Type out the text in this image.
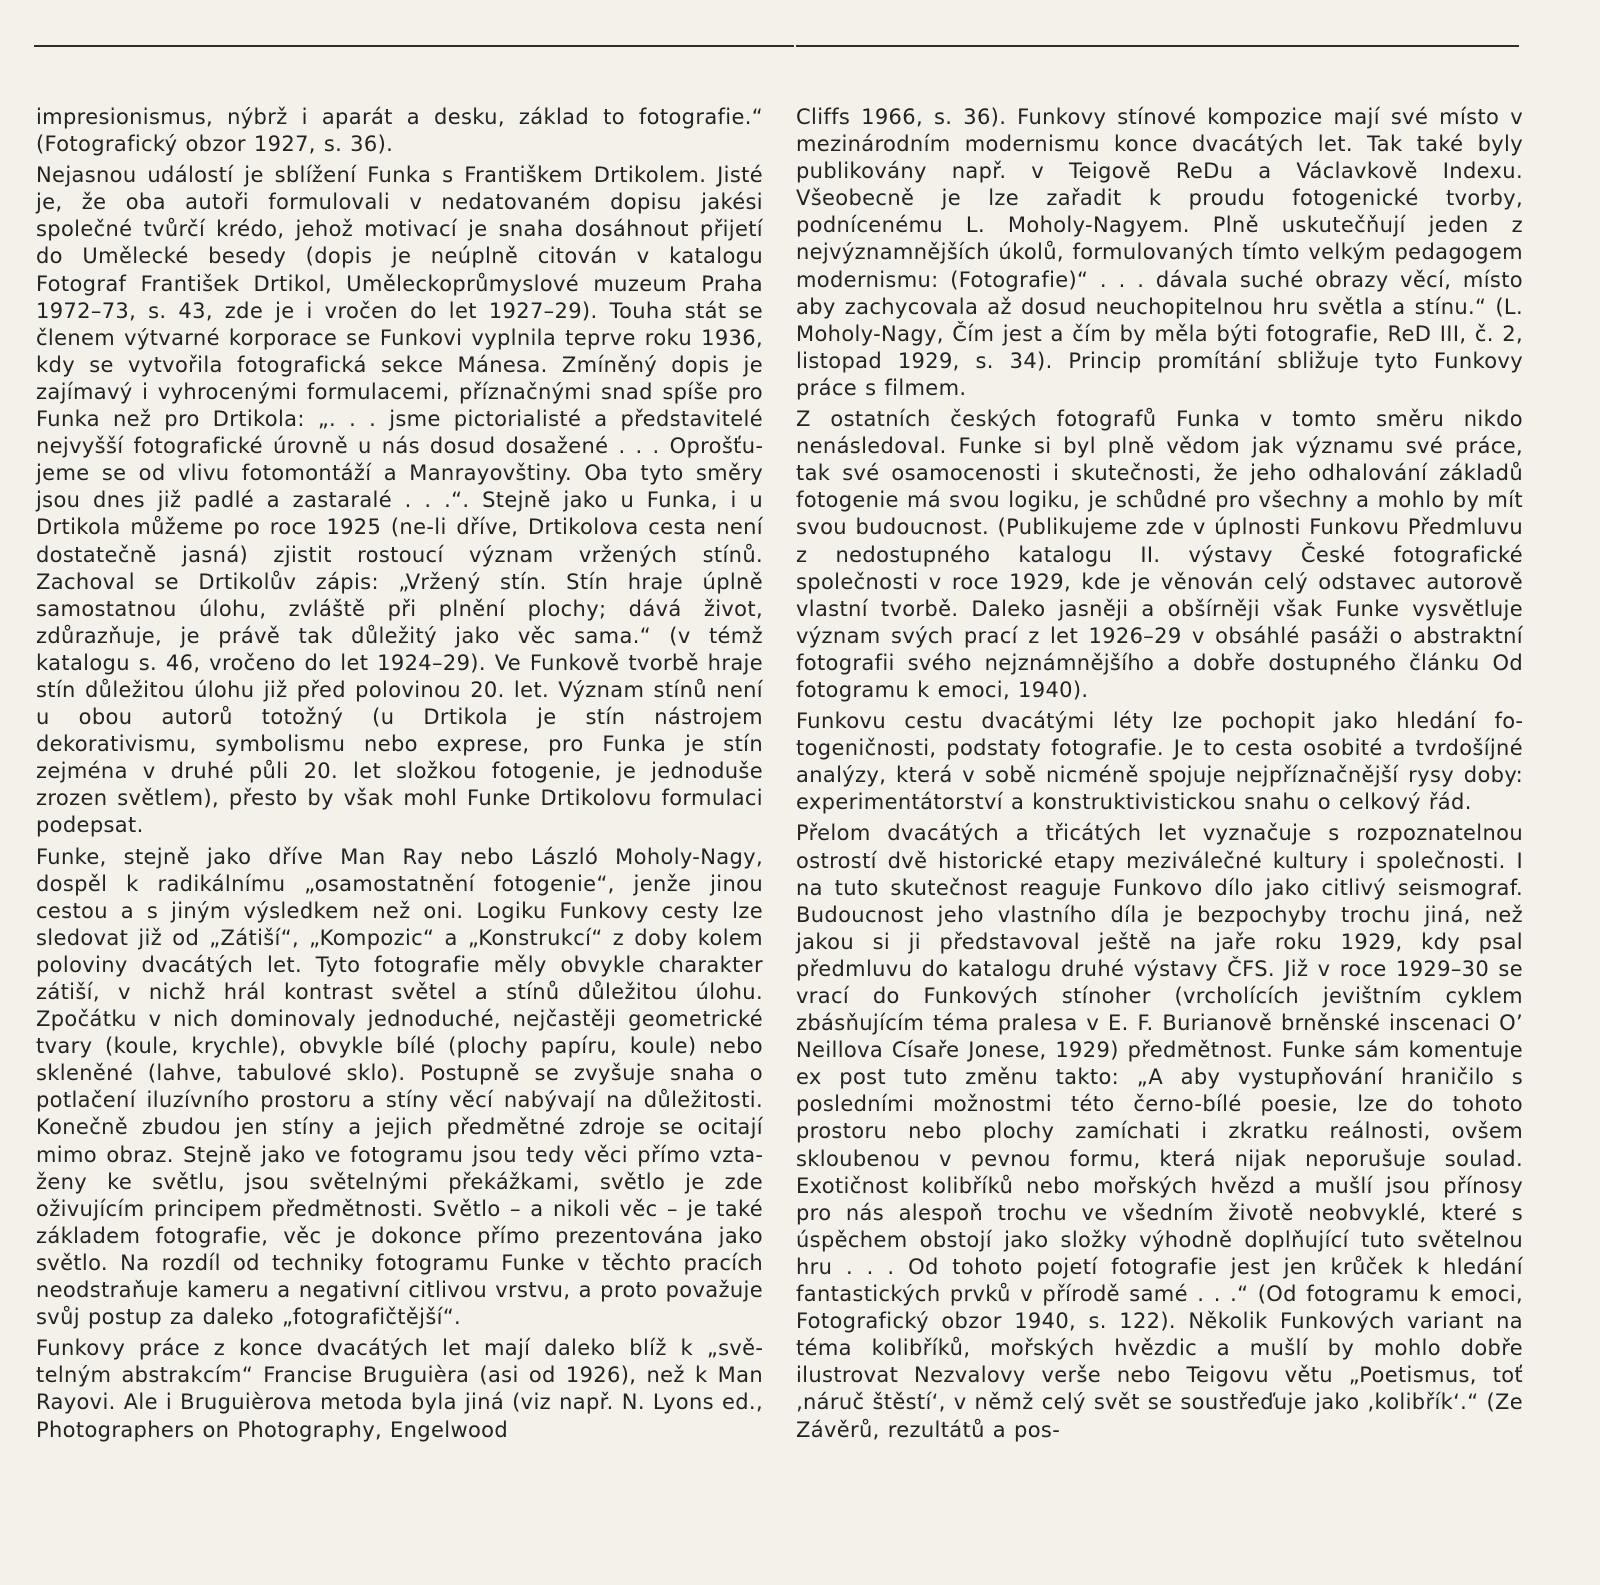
impresionismus, nýbrž i aparát a desku, základ to fotografie.“ (Fotografický obzor 1927, s. 36).

Nejasnou událostí je sblížení Funka s Františkem Drtikolem. Jisté je, že oba autoři formulovali v nedatovaném dopisu jakési společné tvůrčí krédo, jehož motivací je snaha dosáhnout přijetí do Umělecké besedy (dopis je neúplně citován v katalogu Fotograf František Drtikol, Uměleckoprůmyslové muzeum Praha 1972–73, s. 43, zde je i vročen do let 1927–29). Touha stát se členem výtvarné korporace se Funkovi vyplnila teprve roku 1936, kdy se vytvořila fotografická sekce Mánesa. Zmíněný dopis je zajímavý i vyhrocenými formulacemi, příznačnými snad spíše pro Funka než pro Drtikola: „. . . jsme pictorialisté a představitelé nejvyšší fotografické úrovně u nás dosud dosažené . . . Oprošťujeme se od vlivu fotomontáží a Manrayovštiny. Oba tyto směry jsou dnes již padlé a zastaralé . . .“. Stejně jako u Funka, i u Drtikola můžeme po roce 1925 (ne-li dříve, Drtikolova cesta není dostatečně jasná) zjistit rostoucí význam vržených stínů. Zachoval se Drtikolův zápis: „Vržený stín. Stín hraje úplně samostatnou úlohu, zvláště při plnění plochy; dává život, zdůrazňuje, je právě tak důležitý jako věc sama.“ (v témž katalogu s. 46, vročeno do let 1924–29). Ve Funkově tvorbě hraje stín důležitou úlohu již před polovinou 20. let. Význam stínů není u obou autorů totožný (u Drtikola je stín nástrojem dekorativismu, symbolismu nebo exprese, pro Funka je stín zejména v druhé půli 20. let složkou fotogenie, je jednoduše zrozen světlem), přesto by však mohl Funke Drtikolovu formulaci podepsat.

Funke, stejně jako dříve Man Ray nebo László Moholy-Nagy, dospěl k radikálnímu „osamostatnění fotogenie“, jenže jinou cestou a s jiným výsledkem než oni. Logiku Funkovy cesty lze sledovat již od „Zátiší“, „Kompozic“ a „Konstrukcí“ z doby kolem poloviny dvacátých let. Tyto fotografie měly obvykle charakter zátiší, v nichž hrál kontrast světel a stínů důležitou úlohu. Zpočátku v nich dominovaly jednoduché, nejčastěji geometrické tvary (koule, krychle), obvykle bílé (plochy papíru, koule) nebo skleněné (lahve, tabulové sklo). Postupně se zvyšuje snaha o potlačení iluzívního prostoru a stíny věcí nabývají na důležitosti. Konečně zbudou jen stíny a jejich předmětné zdroje se ocitají mimo obraz. Stejně jako ve fotogramu jsou tedy věci přímo vztaženy ke světlu, jsou světelnými překážkami, světlo je zde oživujícím principem předmětnosti. Světlo – a nikoli věc – je také základem fotografie, věc je dokonce přímo prezentována jako světlo. Na rozdíl od techniky fotogramu Funke v těchto pracích neodstraňuje kameru a negativní citlivou vrstvu, a proto považuje svůj postup za daleko „fotografičtější“.

Funkovy práce z konce dvacátých let mají daleko blíž k „světelným abstrakcím“ Francise Bruguièra (asi od 1926), než k Man Rayovi. Ale i Bruguièrova metoda byla jiná (viz např. N. Lyons ed., Photographers on Photography, Engelwood

Cliffs 1966, s. 36). Funkovy stínové kompozice mají své místo v mezinárodním modernismu konce dvacátých let. Tak také byly publikovány např. v Teigově ReDu a Václavkově Indexu. Všeobecně je lze zařadit k proudu fotogenické tvorby, podnícenému L. Moholy-Nagyem. Plně uskutečňují jeden z nejvýznamnějších úkolů, formulovaných tímto velkým pedagogem modernismu: (Fotografie)“ . . . dávala suché obrazy věcí, místo aby zachycovala až dosud neuchopitelnou hru světla a stínu.“ (L. Moholy-Nagy, Čím jest a čím by měla býti fotografie, ReD III, č. 2, listopad 1929, s. 34). Princip promítání sbližuje tyto Funkovy práce s filmem.

Z ostatních českých fotografů Funka v tomto směru nikdo nenásledoval. Funke si byl plně vědom jak významu své práce, tak své osamocenosti i skutečnosti, že jeho odhalování základů fotogenie má svou logiku, je schůdné pro všechny a mohlo by mít svou budoucnost. (Publikujeme zde v úplnosti Funkovu Předmluvu z nedostupného katalogu II. výstavy České fotografické společnosti v roce 1929, kde je věnován celý odstavec autorově vlastní tvorbě. Daleko jasněji a obšírněji však Funke vysvětluje význam svých prací z let 1926–29 v obsáhlé pasáži o abstraktní fotografii svého nejznámnějšího a dobře dostupného článku Od fotogramu k emoci, 1940).

Funkovu cestu dvacátými léty lze pochopit jako hledání fotogeničnosti, podstaty fotografie. Je to cesta osobité a tvrdošíjné analýzy, která v sobě nicméně spojuje nejpříznačnější rysy doby: experimentátorství a konstruktivistickou snahu o celkový řád.

Přelom dvacátých a třicátých let vyznačuje s rozpoznatelnou ostrostí dvě historické etapy meziválečné kultury i společnosti. I na tuto skutečnost reaguje Funkovo dílo jako citlivý seismograf. Budoucnost jeho vlastního díla je bezpochyby trochu jiná, než jakou si ji představoval ještě na jaře roku 1929, kdy psal předmluvu do katalogu druhé výstavy ČFS. Již v roce 1929–30 se vrací do Funkových stínoher (vrcholících jevištním cyklem zbásňujícím téma pralesa v E. F. Burianově brněnské inscenaci O’ Neillova Císaře Jonese, 1929) předmětnost. Funke sám komentuje ex post tuto změnu takto: „A aby vystupňování hraničilo s posledními možnostmi této černo-bílé poesie, lze do tohoto prostoru nebo plochy zamíchati i zkratku reálnosti, ovšem skloubenou v pevnou formu, která nijak neporušuje soulad. Exotičnost kolibříků nebo mořských hvězd a mušlí jsou přínosy pro nás alespoň trochu ve všedním životě neobvyklé, které s úspěchem obstojí jako složky výhodně doplňující tuto světelnou hru . . . Od tohoto pojetí fotografie jest jen krůček k hledání fantastických prvků v přírodě samé . . .“ (Od fotogramu k emoci, Fotografický obzor 1940, s. 122). Několik Funkových variant na téma kolibříků, mořských hvězdic a mušlí by mohlo dobře ilustrovat Nezvalovy verše nebo Teigovu větu „Poetismus, toť ‚náruč štěstí‘, v němž celý svět se soustřeďuje jako ‚kolibřík‘.“ (Ze Závěrů, rezultátů a pos-
